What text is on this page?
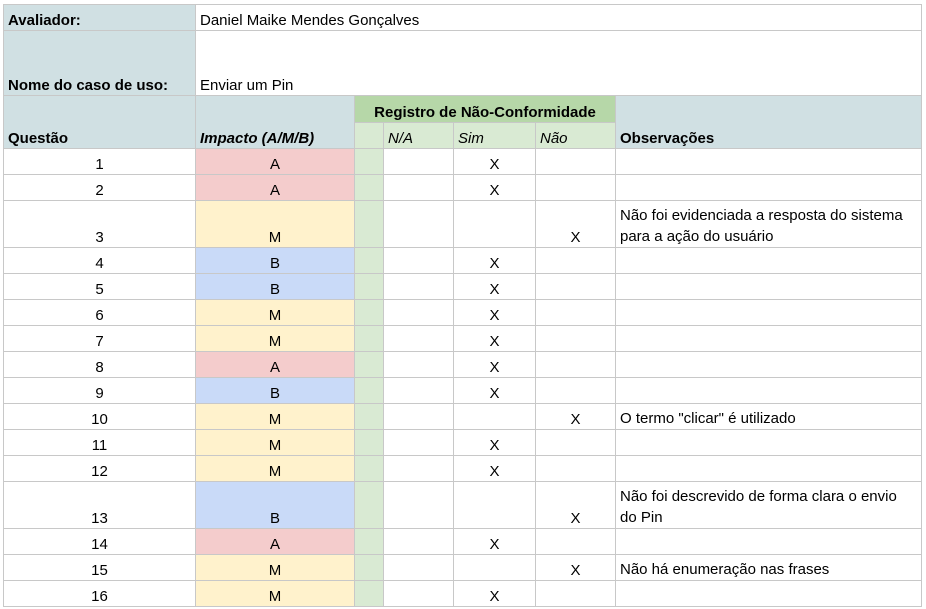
Avaliador:	Daniel Maike Mendes Gonçalves					
Nome do caso de uso:	Enviar um Pin					
Questão	Impacto (A/M/B)	Registro de Não-Conformidade				Observações
			N/A	Sim	Não	
1	A			X		
2	A			X		
3	M				X	Não foi evidenciada a resposta do sistema para a ação do usuário
4	B			X		
5	B			X		
6	M			X		
7	M			X		
8	A			X		
9	B			X		
10	M				X	O termo "clicar" é utilizado
11	M			X		
12	M			X		
13	B				X	Não foi descrevido de forma clara o envio do Pin
14	A			X		
15	M				X	Não há enumeração nas frases
16	M			X		
